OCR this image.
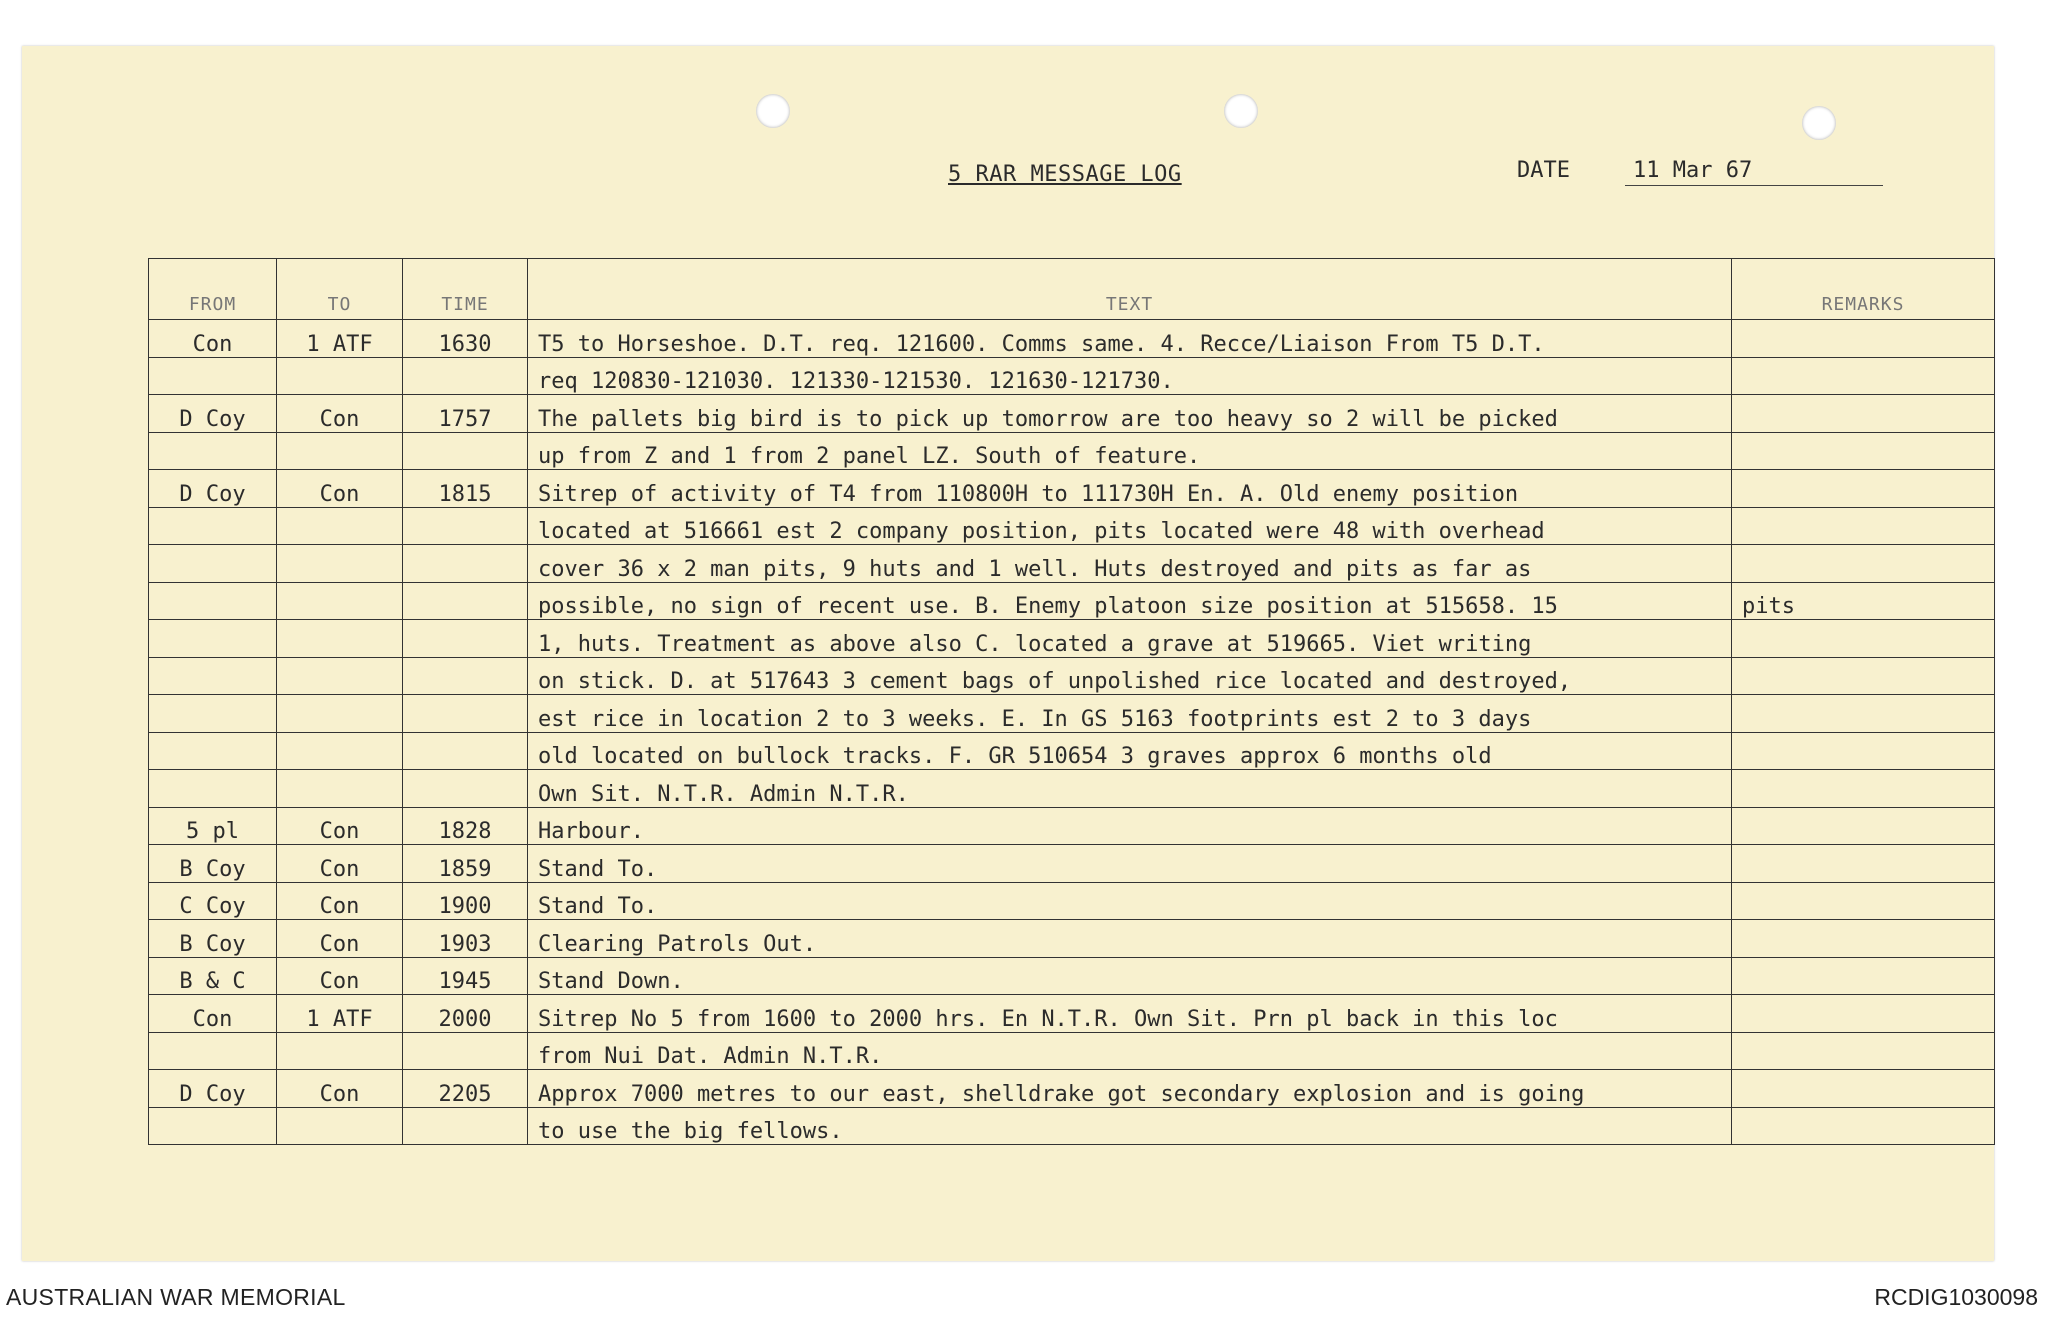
5 RAR MESSAGE LOG	DATE	11 Mar 67
FROM	TO	TIME	TEXT	REMARKS
Con	1 ATF	1630	T5 to Horseshoe. D.T. req. 121600. Comms same. 4. Recce/Liaison From T5 D.T.	
			req 120830-121030. 121330-121530. 121630-121730.	
D Coy	Con	1757	The pallets big bird is to pick up tomorrow are too heavy so 2 will be picked	
			up from Z and 1 from 2 panel LZ. South of feature.	
D Coy	Con	1815	Sitrep of activity of T4 from 110800H to 111730H En. A. Old enemy position	
			located at 516661 est 2 company position, pits located were 48 with overhead	
			cover 36 x 2 man pits, 9 huts and 1 well. Huts destroyed and pits as far as	
			possible, no sign of recent use. B. Enemy platoon size position at 515658. 15	pits
			1, huts. Treatment as above also C. located a grave at 519665. Viet writing	
			on stick. D. at 517643 3 cement bags of unpolished rice located and destroyed,	
			est rice in location 2 to 3 weeks. E. In GS 5163 footprints est 2 to 3 days	
			old located on bullock tracks. F. GR 510654 3 graves approx 6 months old	
			Own Sit. N.T.R. Admin N.T.R.	
5 pl	Con	1828	Harbour.	
B Coy	Con	1859	Stand To.	
C Coy	Con	1900	Stand To.	
B Coy	Con	1903	Clearing Patrols Out.	
B & C	Con	1945	Stand Down.	
Con	1 ATF	2000	Sitrep No 5 from 1600 to 2000 hrs. En N.T.R. Own Sit. Prn pl back in this loc	
			from Nui Dat. Admin N.T.R.	
D Coy	Con	2205	Approx 7000 metres to our east, shelldrake got secondary explosion and is going	
			to use the big fellows.	
AUSTRALIAN WAR MEMORIAL	RCDIG1030098
